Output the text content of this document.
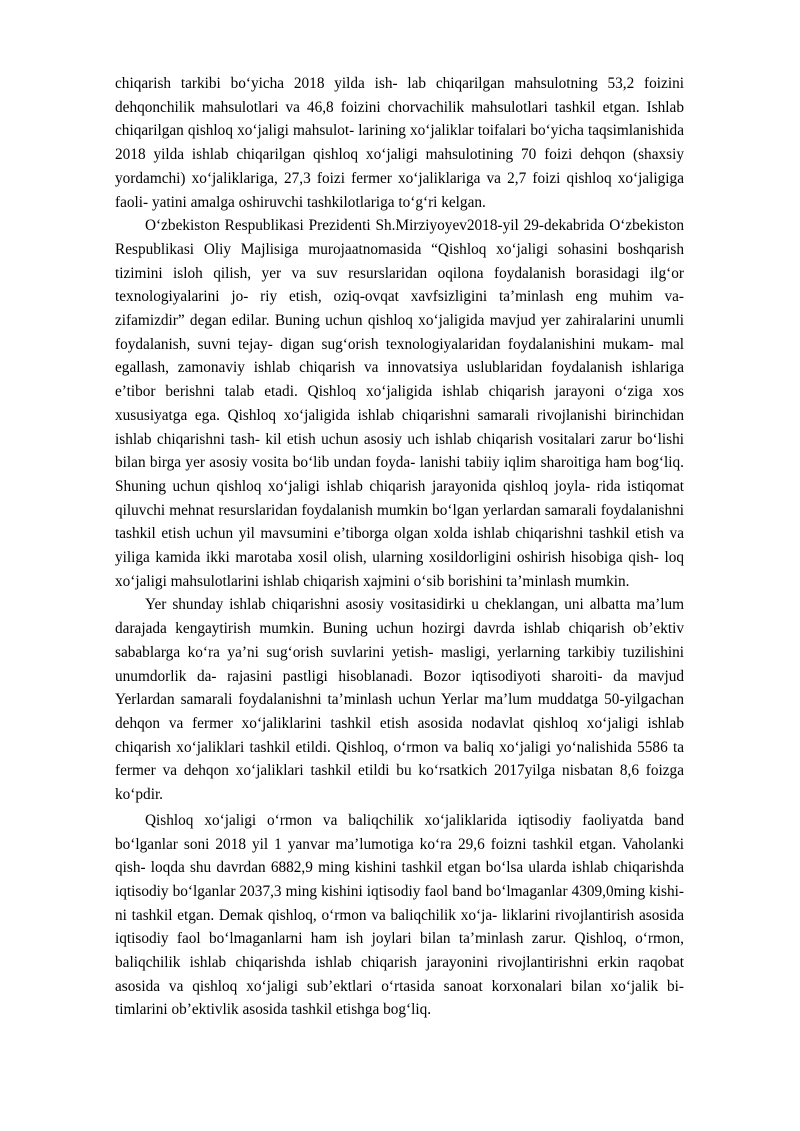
chiqarish tarkibi bo‘yicha 2018 yilda ish- lab chiqarilgan mahsulotning 53,2 foizini dehqonchilik mahsulotlari va 46,8 foizini chorvachilik mahsulotlari tashkil etgan. Ishlab chiqarilgan qishloq xo‘jaligi mahsulot- larining xo‘jaliklar toifalari bo‘yicha taqsimlanishida 2018 yilda ishlab chiqarilgan qishloq xo‘jaligi mahsulotining 70 foizi dehqon (shaxsiy yordamchi) xo‘jaliklariga, 27,3 foizi fermer xo‘jaliklariga va 2,7 foizi qishloq xo‘jaligiga faoli- yatini amalga oshiruvchi tashkilotlariga to‘g‘ri kelgan.

O‘zbekiston Respublikasi Prezidenti Sh.Mirziyoyev2018-yil 29-dekabrida O‘zbekiston Respublikasi Oliy Majlisiga murojaatnomasida “Qishloq xo‘jaligi sohasini boshqarish tizimini isloh qilish, yer va suv resurslaridan oqilona foydalanish borasidagi ilg‘or texnologiyalarini jo- riy etish, oziq-ovqat xavfsizligini ta’minlash eng muhim va- zifamizdir” degan edilar. Buning uchun qishloq xo‘jaligida mavjud yer zahiralarini unumli foydalanish, suvni tejay- digan sug‘orish texnologiyalaridan foydalanishini mukam- mal egallash, zamonaviy ishlab chiqarish va innovatsiya uslublaridan foydalanish ishlariga e’tibor berishni talab etadi. Qishloq xo‘jaligida ishlab chiqarish jarayoni o‘ziga xos xususiyatga ega. Qishloq xo‘jaligida ishlab chiqarishni samarali rivojlanishi birinchidan ishlab chiqarishni tash- kil etish uchun asosiy uch ishlab chiqarish vositalari zarur bo‘lishi bilan birga yer asosiy vosita bo‘lib undan foyda- lanishi tabiiy iqlim sharoitiga ham bog‘liq. Shuning uchun qishloq xo‘jaligi ishlab chiqarish jarayonida qishloq joyla- rida istiqomat qiluvchi mehnat resurslaridan foydalanish mumkin bo‘lgan yerlardan samarali foydalanishni tashkil etish uchun yil mavsumini e’tiborga olgan xolda ishlab chiqarishni tashkil etish va yiliga kamida ikki marotaba xosil olish, ularning xosildorligini oshirish hisobiga qish- loq xo‘jaligi mahsulotlarini ishlab chiqarish xajmini o‘sib borishini ta’minlash mumkin.

Yer shunday ishlab chiqarishni asosiy vositasidirki u cheklangan, uni albatta ma’lum darajada kengaytirish mumkin. Buning uchun hozirgi davrda ishlab chiqarish ob’ektiv sabablarga ko‘ra ya’ni sug‘orish suvlarini yetish- masligi, yerlarning tarkibiy tuzilishini unumdorlik da- rajasini pastligi hisoblanadi. Bozor iqtisodiyoti sharoiti- da mavjud Yerlardan samarali foydalanishni ta’minlash uchun Yerlar ma’lum muddatga 50-yilgachan dehqon va fermer xo‘jaliklarini tashkil etish asosida nodavlat qishloq xo‘jaligi ishlab chiqarish xo‘jaliklari tashkil etildi. Qishloq, o‘rmon va baliq xo‘jaligi yo‘nalishida 5586 ta fermer va dehqon xo‘jaliklari tashkil etildi bu ko‘rsatkich 2017yilga nisbatan 8,6 foizga ko‘pdir.

Qishloq xo‘jaligi o‘rmon va baliqchilik xo‘jaliklarida iqtisodiy faoliyatda band bo‘lganlar soni 2018 yil 1 yanvar ma’lumotiga ko‘ra 29,6 foizni tashkil etgan. Vaholanki qish- loqda shu davrdan 6882,9 ming kishini tashkil etgan bo‘lsa ularda ishlab chiqarishda iqtisodiy bo‘lganlar 2037,3 ming kishini iqtisodiy faol band bo‘lmaganlar 4309,0ming kishi- ni tashkil etgan. Demak qishloq, o‘rmon va baliqchilik xo‘ja- liklarini rivojlantirish asosida iqtisodiy faol bo‘lmaganlarni ham ish joylari bilan ta’minlash zarur. Qishloq, o‘rmon, baliqchilik ishlab chiqarishda ishlab chiqarish jarayonini rivojlantirishni erkin raqobat asosida va qishloq xo‘jaligi sub’ektlari o‘rtasida sanoat korxonalari bilan xo‘jalik bi- timlarini ob’ektivlik asosida tashkil etishga bog‘liq.
